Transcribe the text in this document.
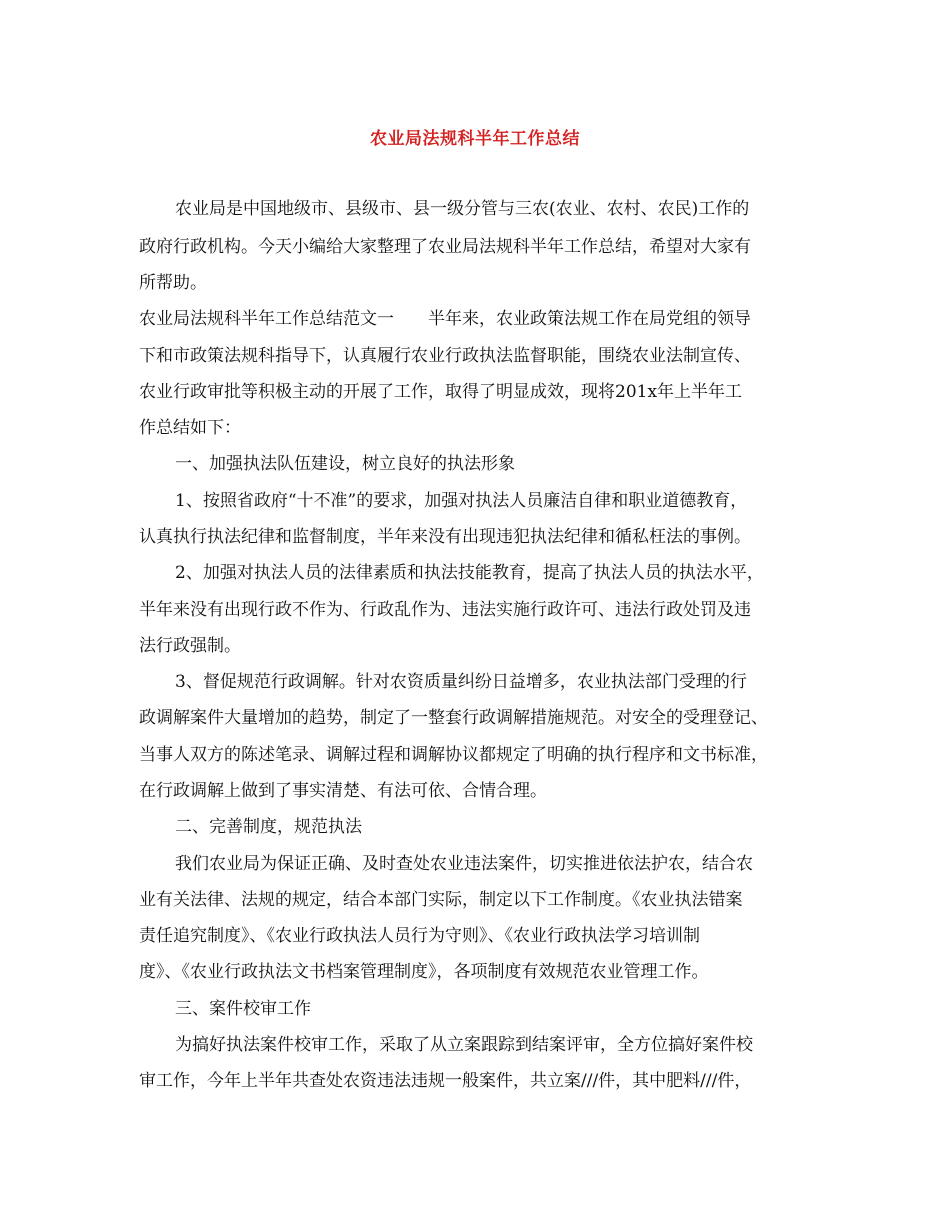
农业局法规科半年工作总结
农业局是中国地级市、县级市、县一级分管与三农(农业、农村、农民)工作的
政府行政机构。今天小编给大家整理了农业局法规科半年工作总结，希望对大家有
所帮助。
农业局法规科半年工作总结范文一　　半年来，农业政策法规工作在局党组的领导
下和市政策法规科指导下，认真履行农业行政执法监督职能，围绕农业法制宣传、
农业行政审批等积极主动的开展了工作，取得了明显成效，现将201x年上半年工
作总结如下：
一、加强执法队伍建设，树立良好的执法形象
1、按照省政府“十不准”的要求，加强对执法人员廉洁自律和职业道德教育，
认真执行执法纪律和监督制度，半年来没有出现违犯执法纪律和循私枉法的事例。
2、加强对执法人员的法律素质和执法技能教育，提高了执法人员的执法水平，
半年来没有出现行政不作为、行政乱作为、违法实施行政许可、违法行政处罚及违
法行政强制。
3、督促规范行政调解。针对农资质量纠纷日益增多，农业执法部门受理的行
政调解案件大量增加的趋势，制定了一整套行政调解措施规范。对安全的受理登记、
当事人双方的陈述笔录、调解过程和调解协议都规定了明确的执行程序和文书标准，
在行政调解上做到了事实清楚、有法可依、合情合理。
二、完善制度，规范执法
我们农业局为保证正确、及时查处农业违法案件，切实推进依法护农，结合农
业有关法律、法规的规定，结合本部门实际，制定以下工作制度。《农业执法错案
责任追究制度》、《农业行政执法人员行为守则》、《农业行政执法学习培训制
度》、《农业行政执法文书档案管理制度》，各项制度有效规范农业管理工作。
三、案件校审工作
为搞好执法案件校审工作，采取了从立案跟踪到结案评审，全方位搞好案件校
审工作，今年上半年共查处农资违法违规一般案件，共立案///件，其中肥料///件，
